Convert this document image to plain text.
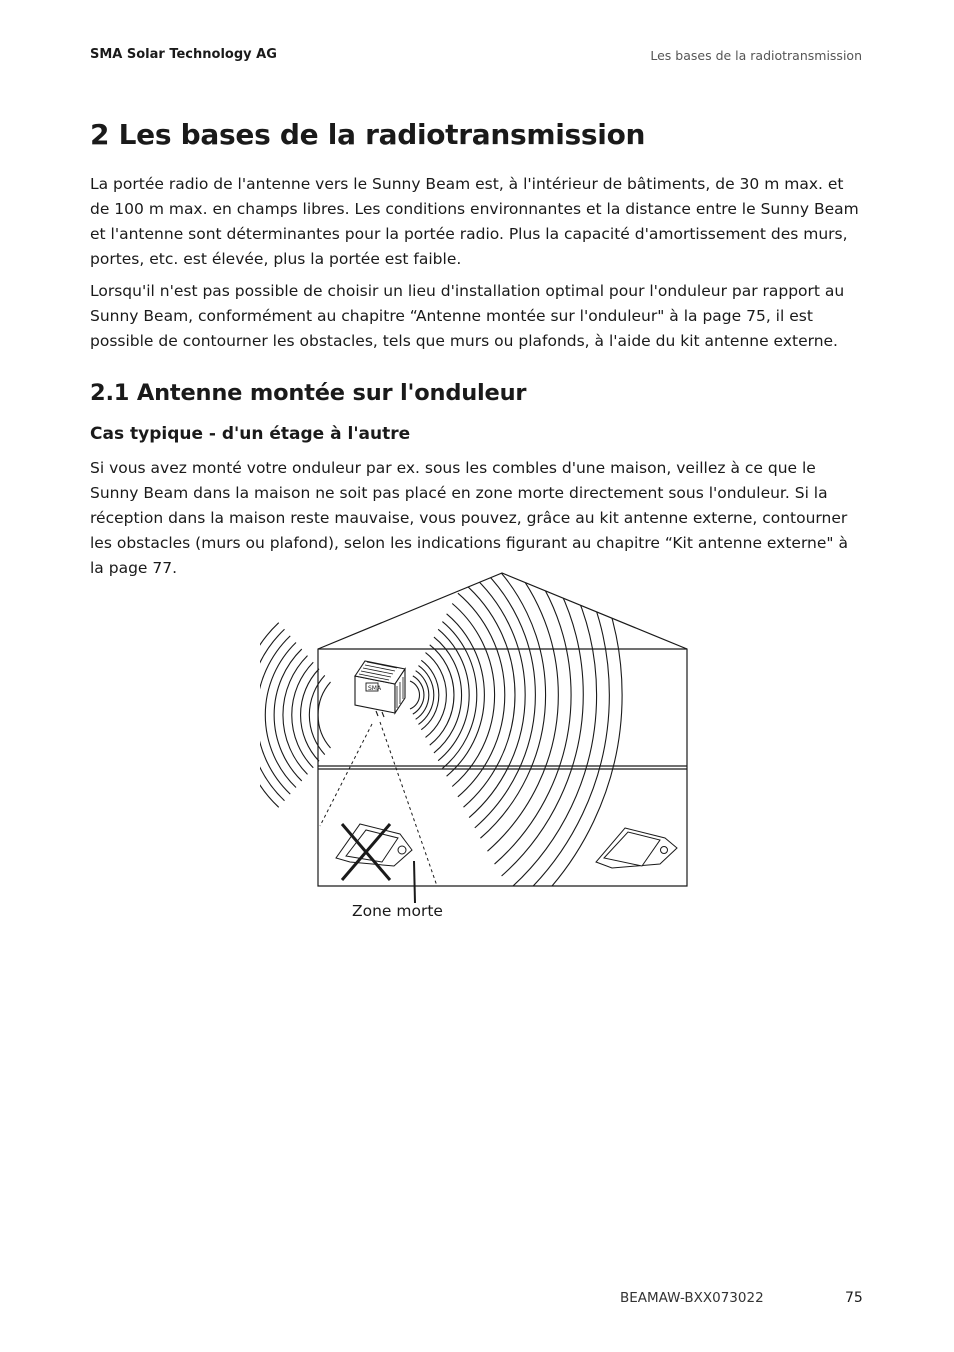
SMA Solar Technology AG	Les bases de la radiotransmission
2 Les bases de la radiotransmission

La portée radio de l'antenne vers le Sunny Beam est, à l'intérieur de bâtiments, de 30 m max. et de 100 m max. en champs libres. Les conditions environnantes et la distance entre le Sunny Beam et l'antenne sont déterminantes pour la portée radio. Plus la capacité d'amortissement des murs, portes, etc. est élevée, plus la portée est faible.

Lorsqu'il n'est pas possible de choisir un lieu d'installation optimal pour l'onduleur par rapport au Sunny Beam, conformément au chapitre “Antenne montée sur l'onduleur" à la page 75, il est possible de contourner les obstacles, tels que murs ou plafonds, à l'aide du kit antenne externe.

2.1 Antenne montée sur l'onduleur
Cas typique - d'un étage à l'autre

Si vous avez monté votre onduleur par ex. sous les combles d'une maison, veillez à ce que le Sunny Beam dans la maison ne soit pas placé en zone morte directement sous l'onduleur. Si la réception dans la maison reste mauvaise, vous pouvez, grâce au kit antenne externe, contourner les obstacles (murs ou plafond), selon les indications figurant au chapitre “Kit antenne externe" à la page 77.

SMA
Zone morte
BEAMAW-BXX073022	75
